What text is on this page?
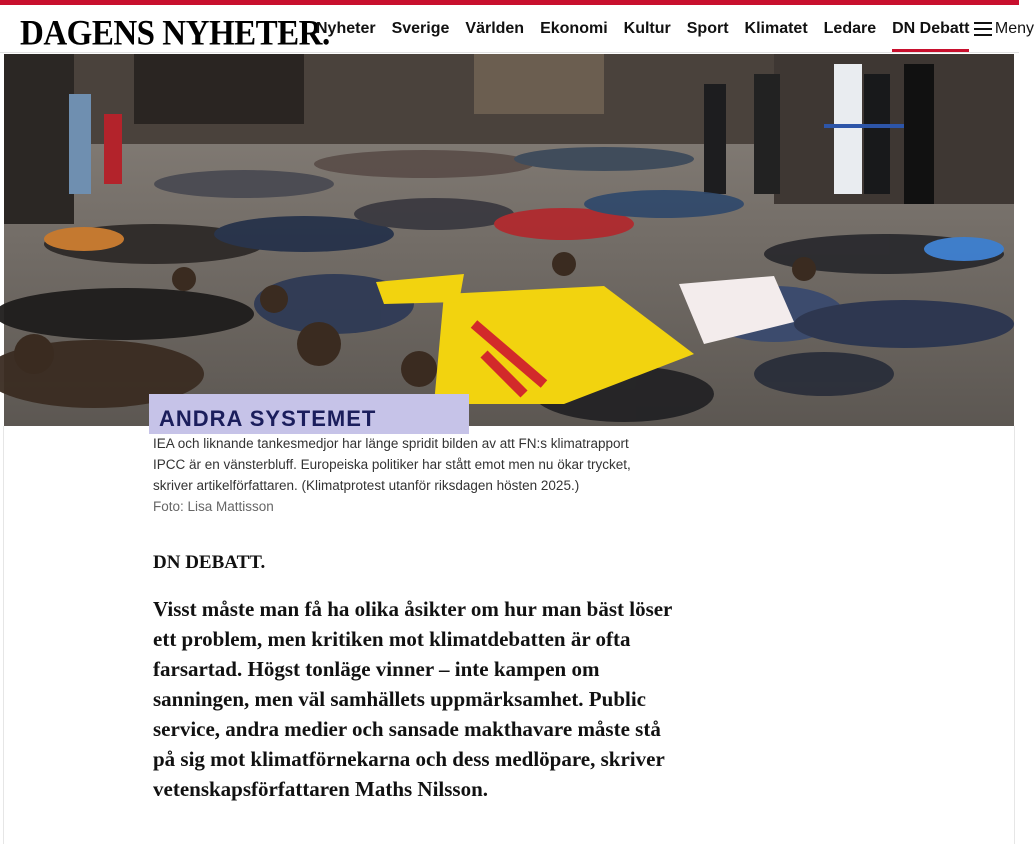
DAGENS NYHETER.
Nyheter	Sverige	Världen	Ekonomi	Kultur	Sport	Klimatet	Ledare	DN Debatt	Meny
ANDRA SYSTEMET
IEA och liknande tankesmedjor har länge spridit bilden av att FN:s klimatrapport IPCC är en vänsterbluff. Europeiska politiker har stått emot men nu ökar trycket, skriver artikelförfattaren. (Klimatprotest utanför riksdagen hösten 2025.)
Foto: Lisa Mattisson
DN DEBATT.
Visst måste man få ha olika åsikter om hur man bäst löser ett problem, men kritiken mot klimatdebatten är ofta farsartad. Högst tonläge vinner – inte kampen om sanningen, men väl samhällets uppmärksamhet. Public service, andra medier och sansade makthavare måste stå på sig mot klimatförnekarna och dess medlöpare, skriver vetenskapsförfattaren Maths Nilsson.
